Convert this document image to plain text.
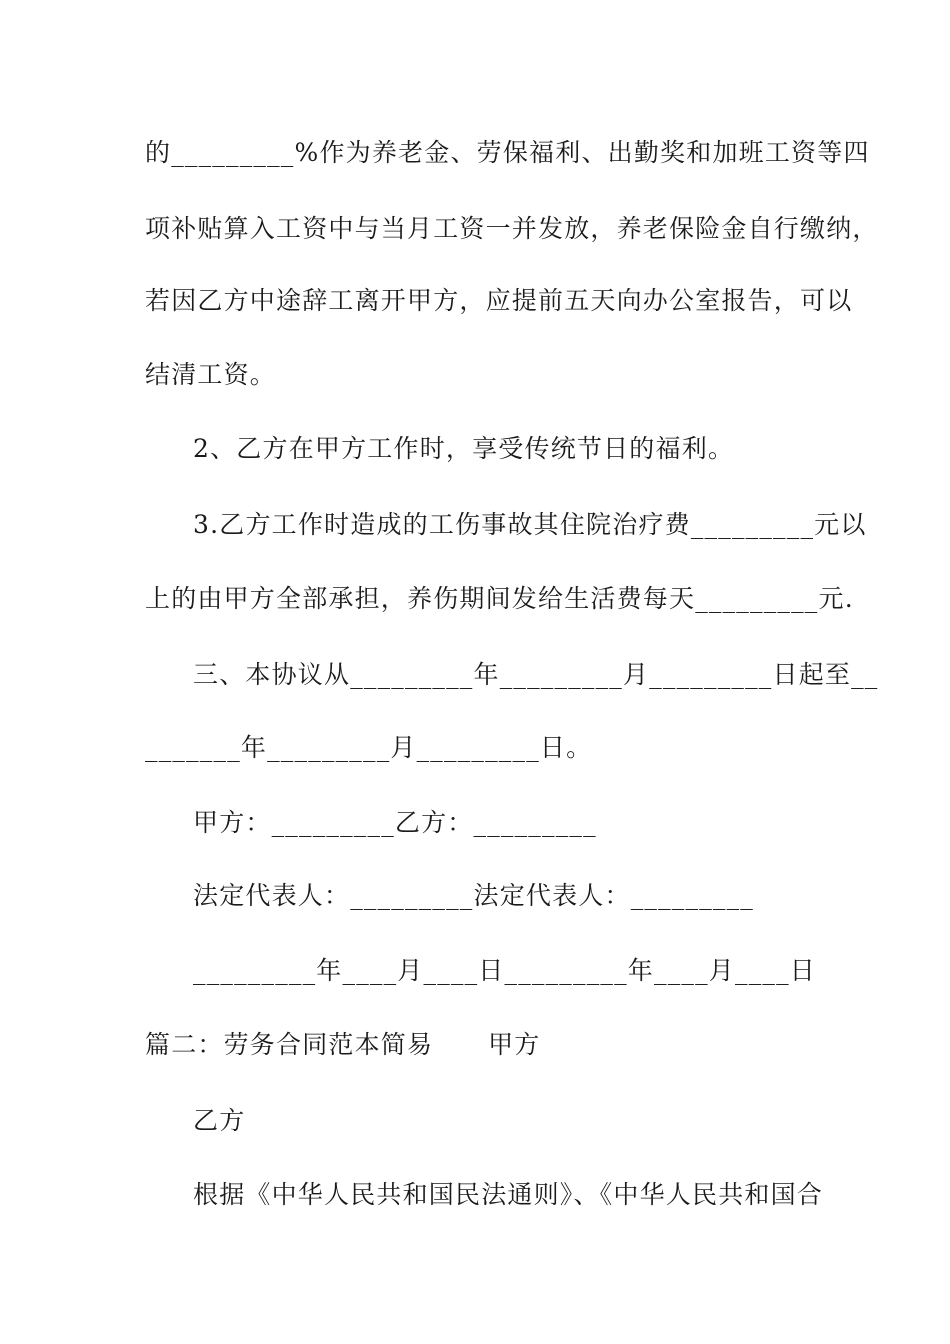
的_________%作为养老金、劳保福利、出勤奖和加班工资等四
项补贴算入工资中与当月工资一并发放，养老保险金自行缴纳，
若因乙方中途辞工离开甲方，应提前五天向办公室报告，可以
结清工资。
2、乙方在甲方工作时，享受传统节日的福利。
3.乙方工作时造成的工伤事故其住院治疗费_________元以
上的由甲方全部承担，养伤期间发给生活费每天_________元.
三、本协议从_________年_________月_________日起至__
_______年_________月_________日。
甲方：_________乙方：_________
法定代表人：_________法定代表人：_________
_________年____月____日_________年____月____日
篇二：劳务合同范本简易      甲方
乙方
根据《中华人民共和国民法通则》、《中华人民共和国合
